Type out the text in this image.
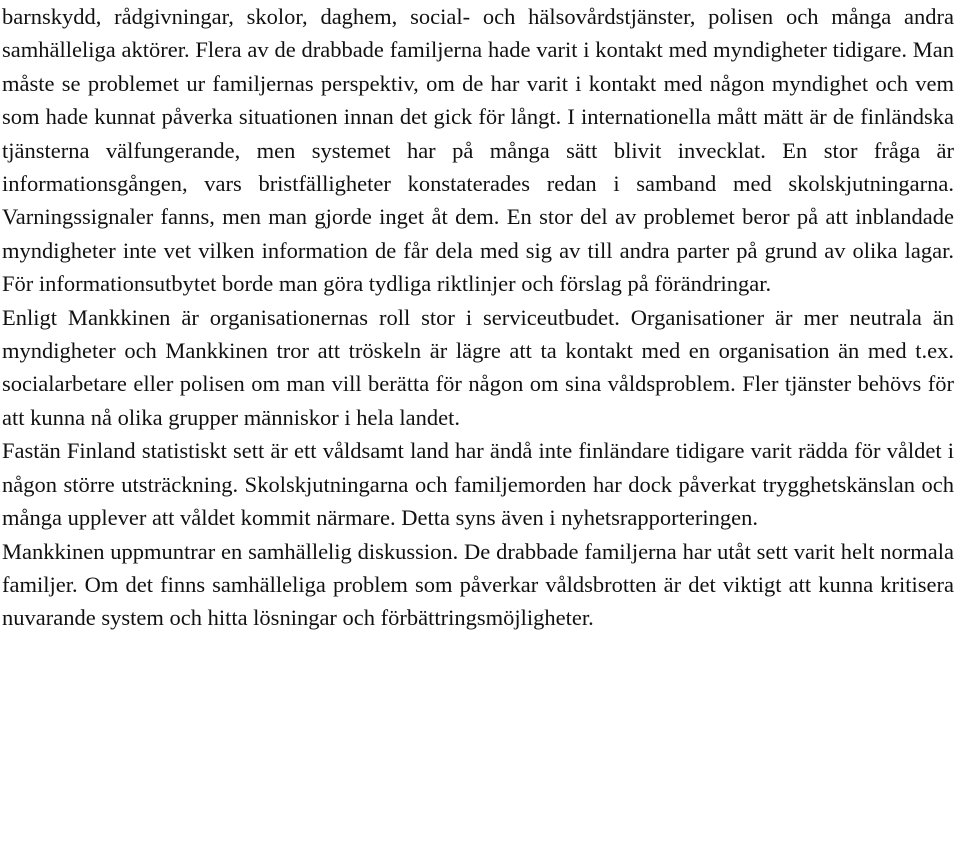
barnskydd, rådgivningar, skolor, daghem, social- och hälsovårdstjänster, polisen och många andra samhälleliga aktörer. Flera av de drabbade familjerna hade varit i kontakt med myndigheter tidigare. Man måste se problemet ur familjernas perspektiv, om de har varit i kontakt med någon myndighet och vem som hade kunnat påverka situationen innan det gick för långt. I internationella mått mätt är de finländska tjänsterna välfungerande, men systemet har på många sätt blivit invecklat. En stor fråga är informationsgången, vars bristfälligheter konstaterades redan i samband med skolskjutningarna. Varningssignaler fanns, men man gjorde inget åt dem. En stor del av problemet beror på att inblandade myndigheter inte vet vilken information de får dela med sig av till andra parter på grund av olika lagar. För informationsutbytet borde man göra tydliga riktlinjer och förslag på förändringar.

Enligt Mankkinen är organisationernas roll stor i serviceutbudet. Organisationer är mer neutrala än myndigheter och Mankkinen tror att tröskeln är lägre att ta kontakt med en organisation än med t.ex. socialarbetare eller polisen om man vill berätta för någon om sina våldsproblem. Fler tjänster behövs för att kunna nå olika grupper människor i hela landet.

Fastän Finland statistiskt sett är ett våldsamt land har ändå inte finländare tidigare varit rädda för våldet i någon större utsträckning. Skolskjutningarna och familjemorden har dock påverkat trygghetskänslan och många upplever att våldet kommit närmare. Detta syns även i nyhetsrapporteringen.

Mankkinen uppmuntrar en samhällelig diskussion. De drabbade familjerna har utåt sett varit helt normala familjer. Om det finns samhälleliga problem som påverkar våldsbrotten är det viktigt att kunna kritisera nuvarande system och hitta lösningar och förbättringsmöjligheter.
